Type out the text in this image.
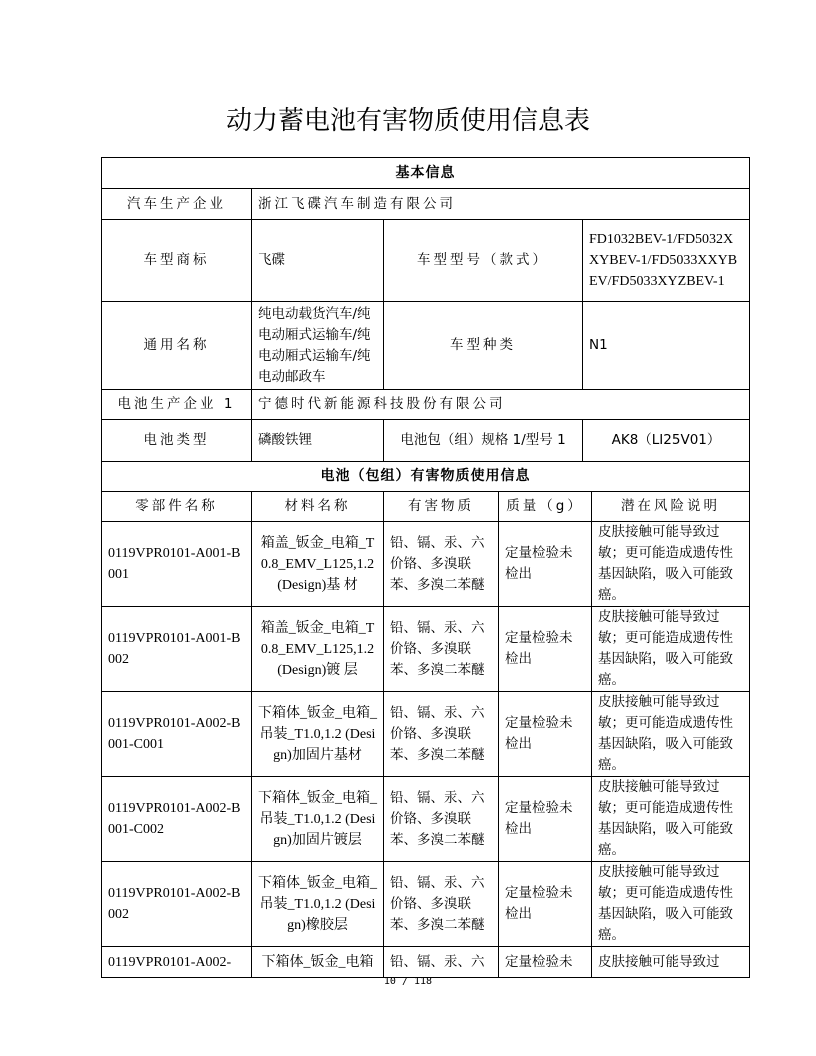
动力蓄电池有害物质使用信息表
基本信息			
汽车生产企业	浙江飞碟汽车制造有限公司		
车型商标	飞碟	车型型号（款式）	FD1032BEV-1/FD5032XXYBEV-1/FD5033XXYBEV/FD5033XYZBEV-1
通用名称	纯电动载货汽车/纯电动厢式运输车/纯电动厢式运输车/纯电动邮政车	车型种类	N1
电池生产企业 1	宁德时代新能源科技股份有限公司		
电池类型	磷酸铁锂	电池包（组）规格 1/型号 1	AK8（LI25V01）
电池（包组）有害物质使用信息			
零部件名称	材料名称	有害物质	质量（g）	潜在风险说明
0119VPR0101-A001-B001	箱盖_钣金_电箱_T0.8_EMV_L125,1.2 (Design)基 材	铅、镉、汞、六价铬、多溴联苯、多溴二苯醚	定量检验未检出	皮肤接触可能导致过敏；更可能造成遗传性基因缺陷，吸入可能致癌。
0119VPR0101-A001-B002	箱盖_钣金_电箱_T0.8_EMV_L125,1.2 (Design)镀 层	铅、镉、汞、六价铬、多溴联苯、多溴二苯醚	定量检验未检出	皮肤接触可能导致过敏；更可能造成遗传性基因缺陷，吸入可能致癌。
0119VPR0101-A002-B001-C001	下箱体_钣金_电箱_吊装_T1.0,1.2 (Design)加固片基材	铅、镉、汞、六价铬、多溴联苯、多溴二苯醚	定量检验未检出	皮肤接触可能导致过敏；更可能造成遗传性基因缺陷，吸入可能致癌。
0119VPR0101-A002-B001-C002	下箱体_钣金_电箱_吊装_T1.0,1.2 (Design)加固片镀层	铅、镉、汞、六价铬、多溴联苯、多溴二苯醚	定量检验未检出	皮肤接触可能导致过敏；更可能造成遗传性基因缺陷，吸入可能致癌。
0119VPR0101-A002-B002	下箱体_钣金_电箱_吊装_T1.0,1.2 (Design)橡胶层	铅、镉、汞、六价铬、多溴联苯、多溴二苯醚	定量检验未检出	皮肤接触可能导致过敏；更可能造成遗传性基因缺陷，吸入可能致癌。
0119VPR0101-A002-	下箱体_钣金_电箱	铅、镉、汞、六	定量检验未	皮肤接触可能导致过
10 / 118
